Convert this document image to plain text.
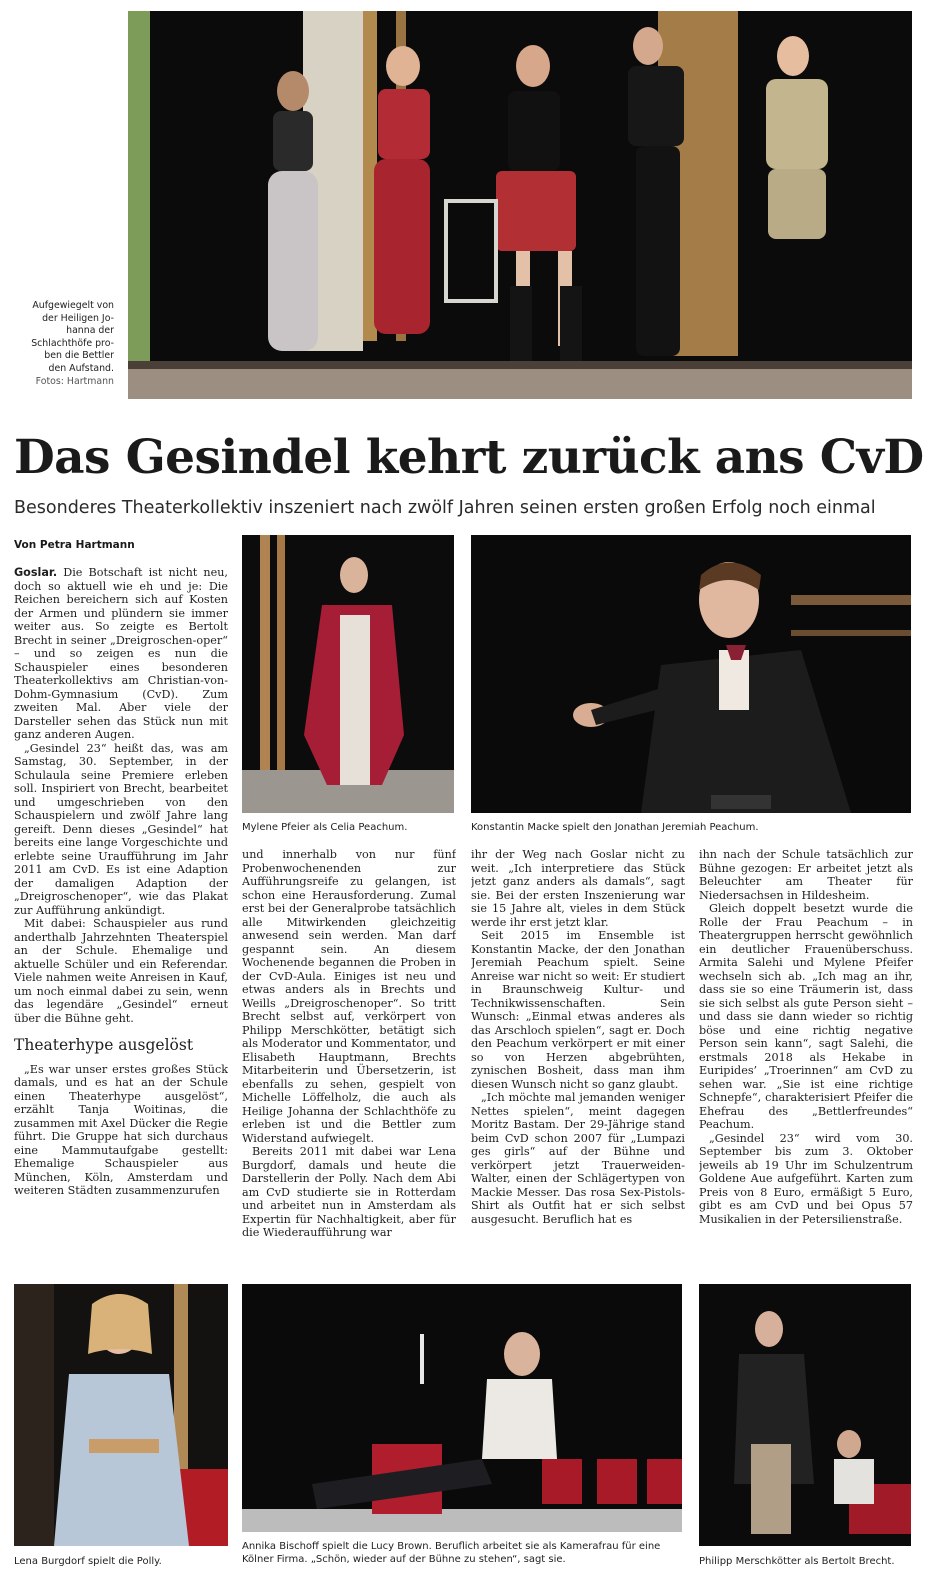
Aufgewiegelt von
der Heiligen Jo-
hanna der
Schlachthöfe pro-
ben die Bettler
den Aufstand.
Fotos: Hartmann
Das Gesindel kehrt zurück ans CvD
Besonderes Theaterkollektiv inszeniert nach zwölf Jahren seinen ersten großen Erfolg noch einmal
Von Petra Hartmann

Goslar. Die Botschaft ist nicht neu, doch so aktuell wie eh und je: Die Reichen bereichern sich auf Kosten der Armen und plündern sie immer weiter aus. So zeigte es Bertolt Brecht in seiner „Dreigroschen-oper“ – und so zeigen es nun die Schauspieler eines besonderen Theaterkollektivs am Christian-von-Dohm-Gymnasium (CvD). Zum zweiten Mal. Aber viele der Darsteller sehen das Stück nun mit ganz anderen Augen.

„Gesindel 23“ heißt das, was am Samstag, 30. September, in der Schulaula seine Premiere erleben soll. Inspiriert von Brecht, bearbeitet und umgeschrieben von den Schauspielern und zwölf Jahre lang gereift. Denn dieses „Gesindel“ hat bereits eine lange Vorgeschichte und erlebte seine Uraufführung im Jahr 2011 am CvD. Es ist eine Adaption der damaligen Adaption der „Dreigroschenoper“, wie das Plakat zur Aufführung ankündigt.

Mit dabei: Schauspieler aus rund anderthalb Jahrzehnten Theaterspiel an der Schule. Ehemalige und aktuelle Schüler und ein Referendar. Viele nahmen weite Anreisen in Kauf, um noch einmal dabei zu sein, wenn das legendäre „Gesindel“ erneut über die Bühne geht.

Theaterhype ausgelöst

„Es war unser erstes großes Stück damals, und es hat an der Schule einen Theaterhype ausgelöst“, erzählt Tanja Woitinas, die zusammen mit Axel Dücker die Regie führt. Die Gruppe hat sich durchaus eine Mammutaufgabe gestellt: Ehemalige Schauspieler aus München, Köln, Amsterdam und weiteren Städten zusammenzurufen

Mylene Pfeier als Celia Peachum.	Konstantin Macke spielt den Jonathan Jeremiah Peachum.

und innerhalb von nur fünf Probenwochenenden zur Aufführungsreife zu gelangen, ist schon eine Herausforderung. Zumal erst bei der Generalprobe tatsächlich alle Mitwirkenden gleichzeitig anwesend sein werden. Man darf gespannt sein. An diesem Wochenende begannen die Proben in der CvD-Aula. Einiges ist neu und etwas anders als in Brechts und Weills „Dreigroschenoper“. So tritt Brecht selbst auf, verkörpert von Philipp Merschkötter, betätigt sich als Moderator und Kommentator, und Elisabeth Hauptmann, Brechts Mitarbeiterin und Übersetzerin, ist ebenfalls zu sehen, gespielt von Michelle Löffelholz, die auch als Heilige Johanna der Schlachthöfe zu erleben ist und die Bettler zum Widerstand aufwiegelt.

Bereits 2011 mit dabei war Lena Burgdorf, damals und heute die Darstellerin der Polly. Nach dem Abi am CvD studierte sie in Rotterdam und arbeitet nun in Amsterdam als Expertin für Nachhaltigkeit, aber für die Wiederaufführung war

ihr der Weg nach Goslar nicht zu weit. „Ich interpretiere das Stück jetzt ganz anders als damals“, sagt sie. Bei der ersten Inszenierung war sie 15 Jahre alt, vieles in dem Stück werde ihr erst jetzt klar.

Seit 2015 im Ensemble ist Konstantin Macke, der den Jonathan Jeremiah Peachum spielt. Seine Anreise war nicht so weit: Er studiert in Braunschweig Kultur- und Technikwissenschaften. Sein Wunsch: „Einmal etwas anderes als das Arschloch spielen“, sagt er. Doch den Peachum verkörpert er mit einer so von Herzen abgebrühten, zynischen Bosheit, dass man ihm diesen Wunsch nicht so ganz glaubt.

„Ich möchte mal jemanden weniger Nettes spielen“, meint dagegen Moritz Bastam. Der 29-Jährige stand beim CvD schon 2007 für „Lumpazi ges girls“ auf der Bühne und verkörpert jetzt Trauerweiden-Walter, einen der Schlägertypen von Mackie Messer. Das rosa Sex-Pistols-Shirt als Outfit hat er sich selbst ausgesucht. Beruflich hat es

ihn nach der Schule tatsächlich zur Bühne gezogen: Er arbeitet jetzt als Beleuchter am Theater für Niedersachsen in Hildesheim.

Gleich doppelt besetzt wurde die Rolle der Frau Peachum – in Theatergruppen herrscht gewöhnlich ein deutlicher Frauenüberschuss. Armita Salehi und Mylene Pfeifer wechseln sich ab. „Ich mag an ihr, dass sie so eine Träumerin ist, dass sie sich selbst als gute Person sieht – und dass sie dann wieder so richtig böse und eine richtig negative Person sein kann“, sagt Salehi, die erstmals 2018 als Hekabe in Euripides’ „Troerinnen“ am CvD zu sehen war. „Sie ist eine richtige Schnepfe“, charakterisiert Pfeifer die Ehefrau des „Bettlerfreundes“ Peachum.

„Gesindel 23“ wird vom 30. September bis zum 3. Oktober jeweils ab 19 Uhr im Schulzentrum Goldene Aue aufgeführt. Karten zum Preis von 8 Euro, ermäßigt 5 Euro, gibt es am CvD und bei Opus 57 Musikalien in der Petersilienstraße.

Lena Burgdorf spielt die Polly.
Annika Bischoff spielt die Lucy Brown. Beruflich arbeitet sie als Kamerafrau für eine
Kölner Firma. „Schön, wieder auf der Bühne zu stehen“, sagt sie.	Philipp Merschkötter als Bertolt Brecht.
